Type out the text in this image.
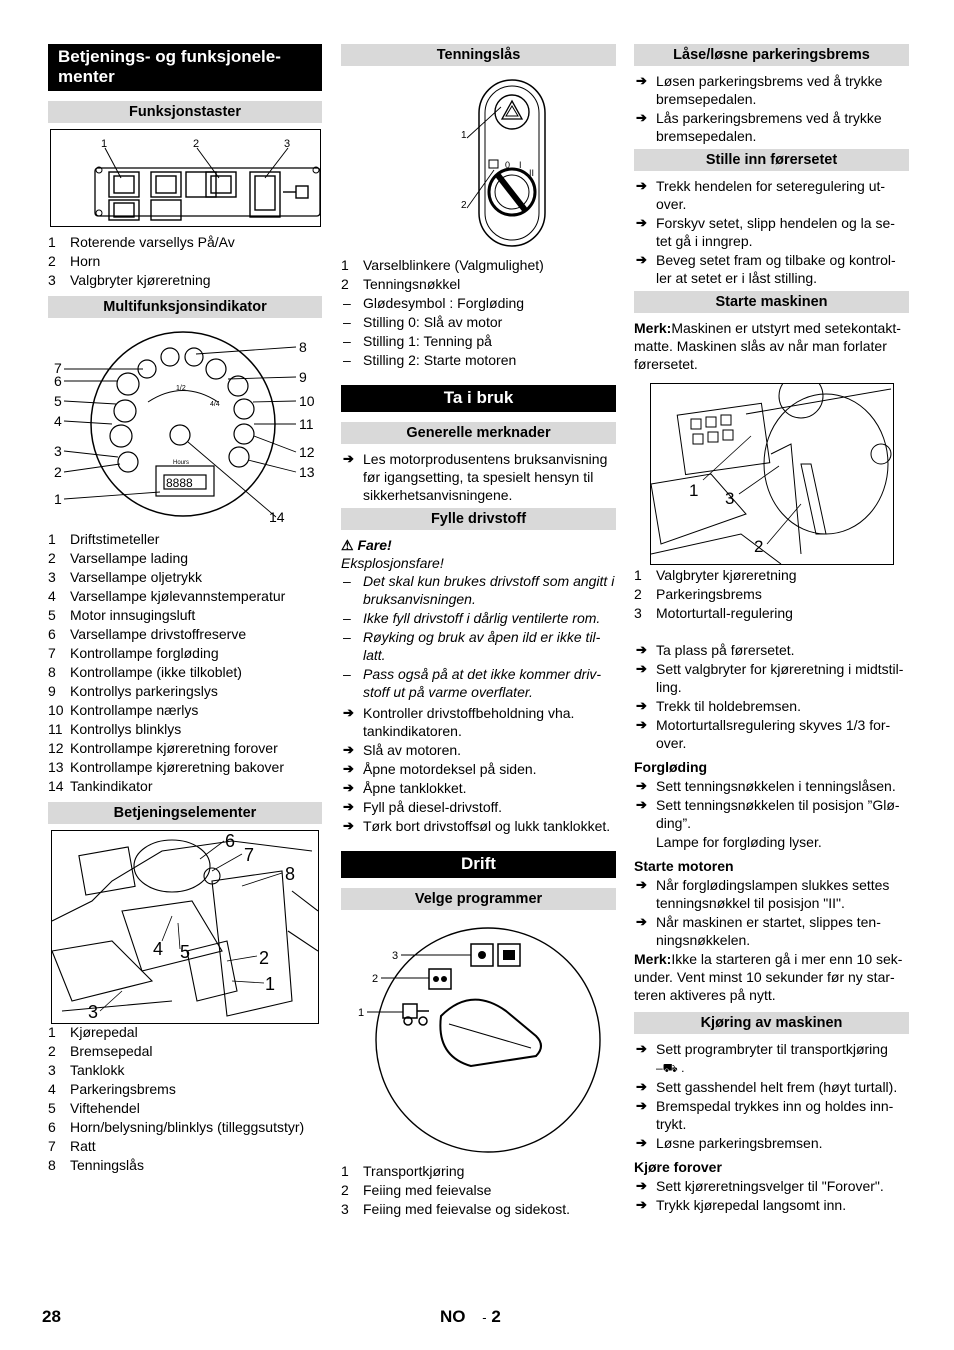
Betjenings- og funksjonele-
menter
Funksjonstaster
1	2	3
1	Roterende varsellys På/Av
2	Horn
3	Valgbryter kjøreretning
Multifunksjonsindikator
1/2
4/4
Hours
8888
7
6
5
4
3
2
1
8
9
10
11
12
13
14
1	Driftstimeteller
2	Varsellampe lading
3	Varsellampe oljetrykk
4	Varsellampe kjølevannstemperatur
5	Motor innsugingsluft
6	Varsellampe drivstoffreserve
7	Kontrollampe forgløding
8	Kontrollampe (ikke tilkoblet)
9	Kontrollys parkeringslys
10 Kontrollampe nærlys
11 Kontrollys blinklys
12 Kontrollampe kjøreretning forover
13 Kontrollampe kjøreretning bakover
14 Tankindikator
Betjeningselementer
6
7
8
4 5	2
1
3
1	Kjørepedal
2	Bremsepedal
3	Tanklokk
4	Parkeringsbrems
5	Viftehendel
6	Horn/belysning/blinklys (tilleggsutstyr)
7	Ratt
8	Tenningslås
Tenningslås
0 I
II
1
2
1	Varselblinkere (Valgmulighet)
2	Tenningsnøkkel
– Glødesymbol : Forgløding
– Stilling 0: Slå av motor
– Stilling 1: Tenning på
– Stilling 2: Starte motoren
Ta i bruk
Generelle merknader
➔ Les motorprodusentens bruksanvisning før igangsetting, ta spesielt hensyn til sikkerhetsanvisningene.
Fylle drivstoff

⚠ Fare!

Eksplosjonsfare!

– Det skal kun brukes drivstoff som angitt i bruksanvisningen.
– Ikke fyll drivstoff i dårlig ventilerte rom.
– Røyking og bruk av åpen ild er ikke til-latt.
– Pass også på at det ikke kommer driv-stoff ut på varme overflater.
➔ Kontroller drivstoffbeholdning vha. tankindikatoren.
➔ Slå av motoren.
➔ Åpne motordeksel på siden.
➔ Åpne tanklokket.
➔ Fyll på diesel-drivstoff.
➔ Tørk bort drivstoffsøl og lukk tanklokket.
Drift
Velge programmer
3
2
1
1	Transportkjøring
2	Feiing med feievalse
3	Feiing med feievalse og sidekost.
Låse/løsne parkeringsbrems
➔ Løsen parkeringsbrems ved å trykke bremsepedalen.
➔ Lås parkeringsbremens ved å trykke bremsepedalen.
Stille inn førersetet
➔ Trekk hendelen for seteregulering ut-over.
➔ Forskyv setet, slipp hendelen og la se-tet gå i inngrep.
➔ Beveg setet fram og tilbake og kontrol-ler at setet er i låst stilling.
Starte maskinen

Merk:Maskinen er utstyrt med setekontakt-matte. Maskinen slås av når man forlater førersetet.

1 3
2
1	Valgbryter kjøreretning
2	Parkeringsbrems
3	Motorturtall-regulering
➔ Ta plass på førersetet.
➔ Sett valgbryter for kjøreretning i midtstil-ling.
➔ Trekk til holdebremsen.
➔ Motorturtallsregulering skyves 1/3 for-over.
Forgløding
➔ Sett tenningsnøkkelen i tenningslåsen.
➔ Sett tenningsnøkkelen til posisjon ”Glø-ding”.

Lampe for forgløding lyser.

Starte motoren
➔ Når forglødingslampen slukkes settes tenningsnøkkel til posisjon "II".
➔ Når maskinen er startet, slippes ten-ningsnøkkelen.

Merk:Ikke la starteren gå i mer enn 10 sek-under. Vent minst 10 sekunder før ny star-teren aktiveres på nytt.

Kjøring av maskinen
➔ Sett programbryter til transportkjøring
–⛟ .
➔ Sett gasshendel helt frem (høyt turtall).
➔ Bremspedal trykkes inn og holdes inn-trykt.
➔ Løsne parkeringsbremsen.
Kjøre forover
➔ Sett kjøreretningsvelger til "Forover".
➔ Trykk kjørepedal langsomt inn.
28	NO - 2
